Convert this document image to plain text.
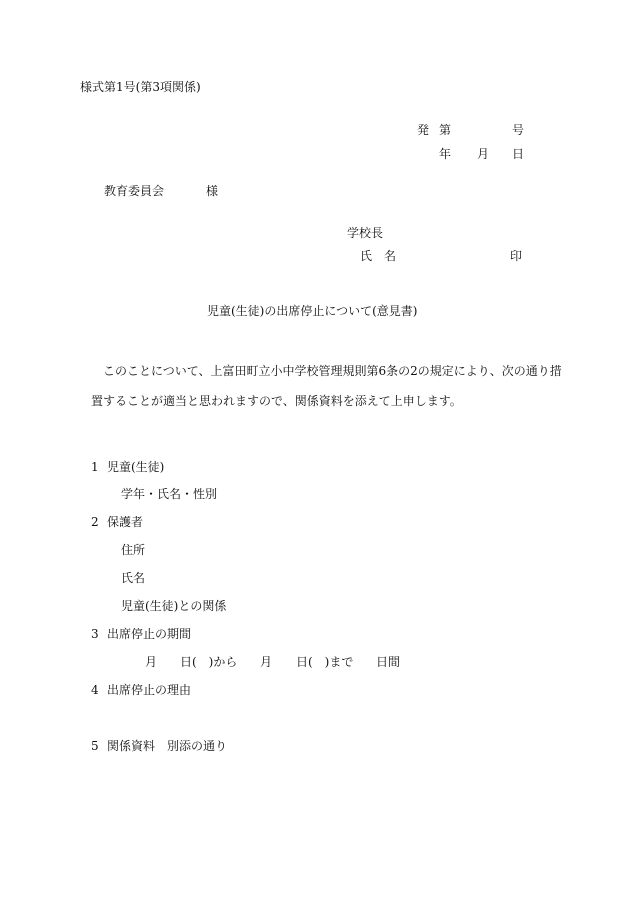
様式第1号(第3項関係)
発 第	号
年 月 日
教育委員会	様
学校長
氏　名	印
児童(生徒)の出席停止について(意見書)
このことについて、上富田町立小中学校管理規則第6条の2の規定により、次の通り措
置することが適当と思われますので、関係資料を添えて上申します。
1 児童(生徒)
学年・氏名・性別
2 保護者
住所
氏名
児童(生徒)との関係
3 出席停止の期間
月 日(　)から 月 日(　)まで 日間
4 出席停止の理由
5 関係資料 別添の通り
